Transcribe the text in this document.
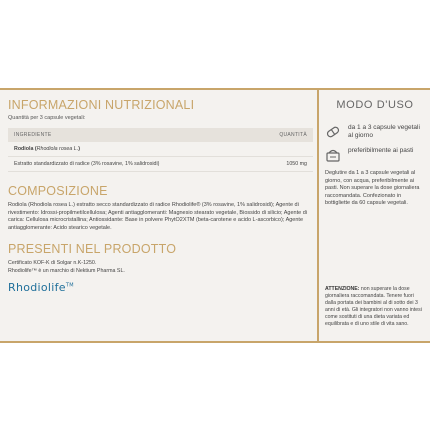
INFORMAZIONI NUTRIZIONALI
Quantità per 3 capsule vegetali:
INGREDIENTE	QUANTITÀ
Rodiola (Rhodiola rosea L.)	
Estratto standardizzato di radice (3% rosavine, 1% salidrosidi)	1050 mg
COMPOSIZIONE
Rodiola (Rhodiola rosea L.) estratto secco standardizzato di radice Rhodiolife® (3% rosavine, 1% salidrosidi); Agente di rivestimento: Idrossi-propilmetilcellulosa; Agenti antiagglomeranti: Magnesio stearato vegetale, Biossido di silicio; Agente di carica: Cellulosa microcristallina; Antiossidante: Base in polvere PhytO2XTM (beta-carotene e acido L-ascorbico); Agente antiagglomerante: Acido stearico vegetale.
PRESENTI NEL PRODOTTO
Certificato KOF-K di Solgar n.K-1250.
Rhodiolife™ è un marchio di Nektium Pharma SL.
Rhodiolife™
MODO D'USO
da 1 a 3 capsule vegetali al giorno
preferibilmente ai pasti
Deglutire da 1 a 3 capsule vegetali al giorno, con acqua, preferibilmente ai pasti. Non superare la dose giornaliera raccomandata. Confezionato in bottigliette da 60 capsule vegetali.
ATTENZIONE: non superare la dose giornaliera raccomandata. Tenere fuori dalla portata dei bambini al di sotto dei 3 anni di età. Gli integratori non vanno intesi come sostituti di una dieta variata ed equilibrata e di uno stile di vita sano.
